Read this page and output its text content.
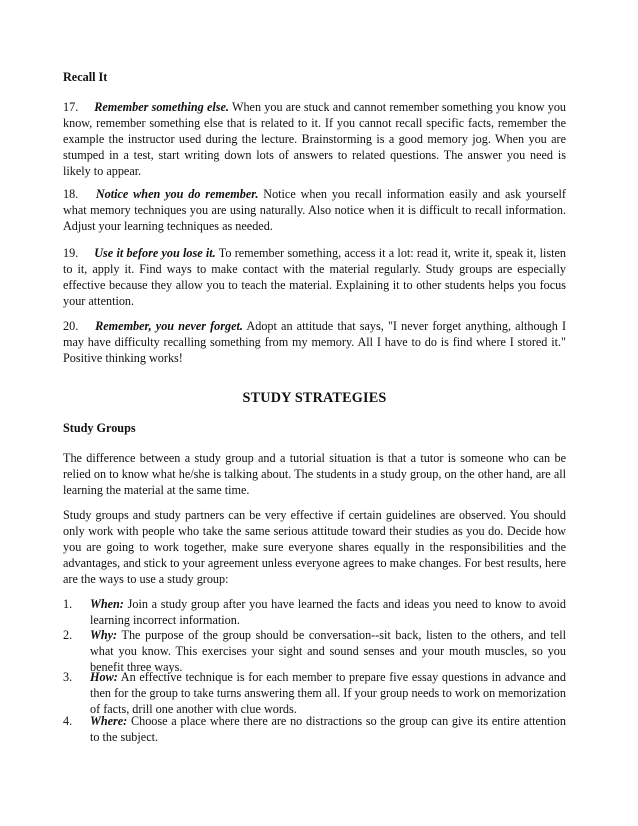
Recall It

17. Remember something else. When you are stuck and cannot remember something you know you know, remember something else that is related to it. If you cannot recall specific facts, remember the example the instructor used during the lecture. Brainstorming is a good memory jog. When you are stumped in a test, start writing down lots of answers to related questions. The answer you need is likely to appear.

18. Notice when you do remember. Notice when you recall information easily and ask yourself what memory techniques you are using naturally. Also notice when it is difficult to recall information. Adjust your learning techniques as needed.

19. Use it before you lose it. To remember something, access it a lot: read it, write it, speak it, listen to it, apply it. Find ways to make contact with the material regularly. Study groups are especially effective because they allow you to teach the material. Explaining it to other students helps you focus your attention.

20. Remember, you never forget. Adopt an attitude that says, "I never forget anything, although I may have difficulty recalling something from my memory. All I have to do is find where I stored it." Positive thinking works!

STUDY STRATEGIES

Study Groups

The difference between a study group and a tutorial situation is that a tutor is someone who can be relied on to know what he/she is talking about. The students in a study group, on the other hand, are all learning the material at the same time.

Study groups and study partners can be very effective if certain guidelines are observed. You should only work with people who take the same serious attitude toward their studies as you do. Decide how you are going to work together, make sure everyone shares equally in the responsibilities and the advantages, and stick to your agreement unless everyone agrees to make changes. For best results, here are the ways to use a study group:

1.	When: Join a study group after you have learned the facts and ideas you need to know to avoid learning incorrect information.
2.	Why: The purpose of the group should be conversation--sit back, listen to the others, and tell what you know. This exercises your sight and sound senses and your mouth muscles, so you benefit three ways.
3.	How: An effective technique is for each member to prepare five essay questions in advance and then for the group to take turns answering them all. If your group needs to work on memorization of facts, drill one another with clue words.
4.	Where: Choose a place where there are no distractions so the group can give its entire attention to the subject.
